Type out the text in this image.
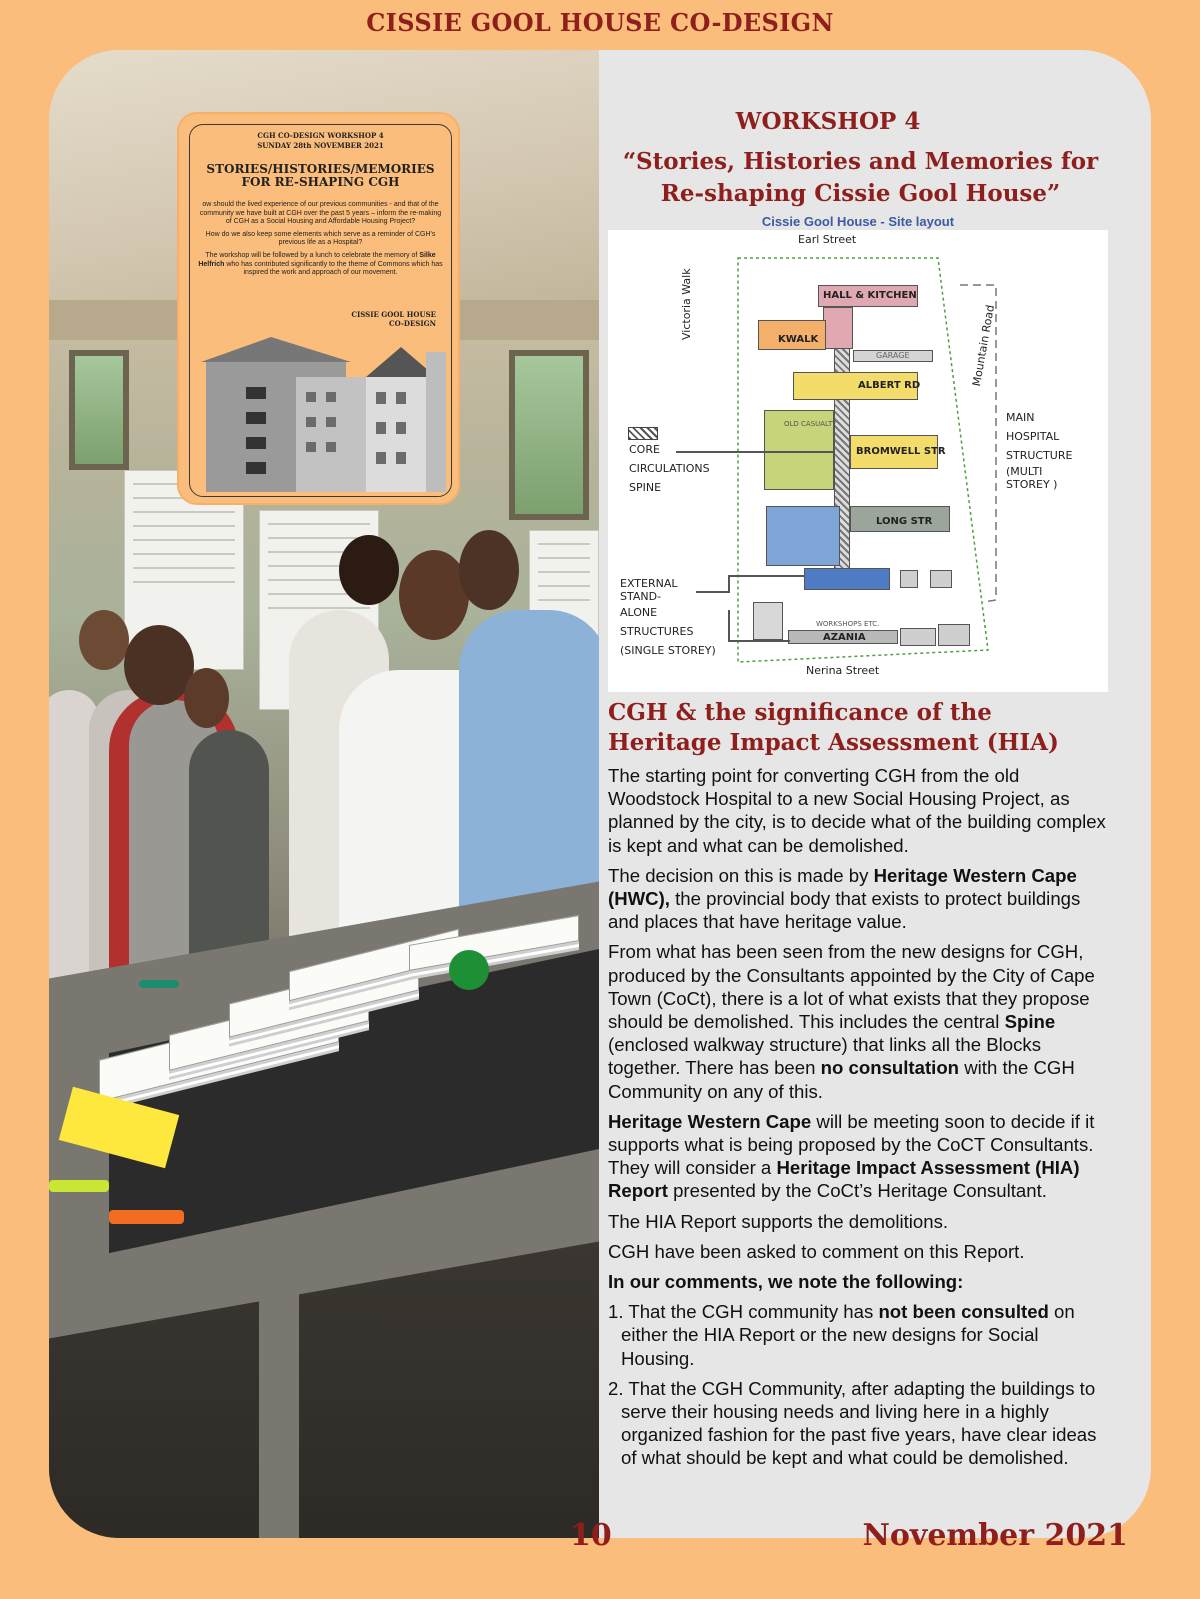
CISSIE GOOL HOUSE CO-DESIGN
CGH CO-DESIGN WORKSHOP 4
SUNDAY 28th NOVEMBER 2021
STORIES/HISTORIES/MEMORIES
FOR RE-SHAPING CGH

ow should the lived experience of our previous communities - and that of the community we have built at CGH over the past 5 years – inform the re-making of CGH as a Social Housing and Affordable Housing Project?

How do we also keep some elements which serve as a reminder of CGH's previous life as a Hospital?

The workshop will be followed by a lunch to celebrate the memory of Silke Helfrich who has contributed significantly to the theme of Commons which has inspired the work and approach of our movement.

CISSIE GOOL HOUSE
CO-DESIGN
WORKSHOP 4
“Stories, Histories and Memories for
Re-shaping Cissie Gool House”
Cissie Gool House - Site layout
Earl Street
Nerina Street
Victoria Walk	Mountain Road
HALL & KITCHEN
KWALK
ALBERT RD
BROMWELL STR
LONG STR
AZANIA
GARAGE
OLD CASUALTY
WORKSHOPS ETC.
CORE
CIRCULATIONS
SPINE
MAIN
HOSPITAL
STRUCTURE
(MULTI
STOREY )
EXTERNAL
STAND-
ALONE
STRUCTURES
(SINGLE STOREY)
CGH & the significance of the
Heritage Impact Assessment (HIA)

The starting point for converting CGH from the old Woodstock Hospital to a new Social Housing Project, as planned by the city, is to decide what of the building complex is kept and what can be demolished.

The decision on this is made by Heritage Western Cape (HWC), the provincial body that exists to protect buildings and places that have heritage value.

From what has been seen from the new designs for CGH, produced by the Consultants appointed by the City of Cape Town (CoCt), there is a lot of what exists that they propose should be demolished. This includes the central Spine (enclosed walkway structure) that links all the Blocks together. There has been no consultation with the CGH Community on any of this.

Heritage Western Cape will be meeting soon to decide if it supports what is being proposed by the CoCT Consultants. They will consider a Heritage Impact Assessment (HIA) Report presented by the CoCt’s Heritage Consultant.

The HIA Report supports the demolitions.

CGH have been asked to comment on this Report.

In our comments, we note the following:

1. That the CGH community has not been consulted on either the HIA Report or the new designs for Social Housing.

2. That the CGH Community, after adapting the buildings to serve their housing needs and living here in a highly organized fashion for the past five years, have clear ideas of what should be kept and what could be demolished.

10	November 2021
